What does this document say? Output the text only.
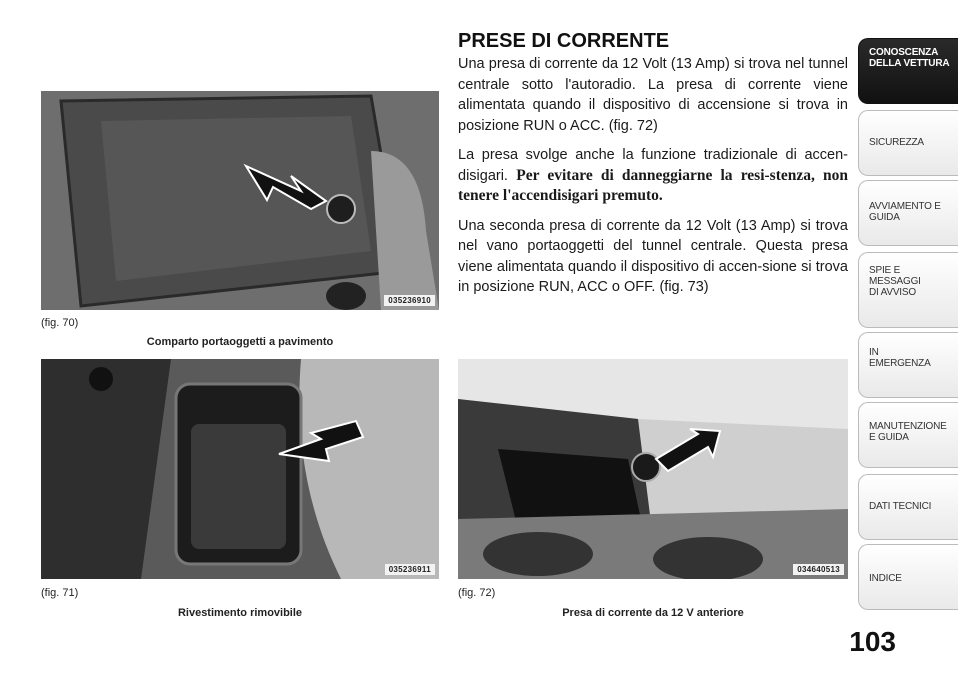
035236910
(fig. 70)
Comparto portaoggetti a pavimento
035236911
(fig. 71)
Rivestimento rimovibile
034640513
(fig. 72)
Presa di corrente da 12 V anteriore
PRESE DI CORRENTE

Una presa di corrente da 12 Volt (13 Amp) si trova nel tunnel centrale sotto l'autoradio. La presa di corrente viene alimentata quando il dispositivo di accensione si trova in posizione RUN o ACC. (fig. 72)

La presa svolge anche la funzione tradizionale di accen-disigari. Per evitare di danneggiarne la resi-stenza, non tenere l'accendisigari premuto.

Una seconda presa di corrente da 12 Volt (13 Amp) si trova nel vano portaoggetti del tunnel centrale. Questa presa viene alimentata quando il dispositivo di accen-sione si trova in posizione RUN, ACC o OFF. (fig. 73)

CONOSCENZA
DELLA VETTURA
SICUREZZA
AVVIAMENTO E
GUIDA
SPIE E
MESSAGGI
DI AVVISO
IN
EMERGENZA
MANUTENZIONE
E GUIDA
DATI TECNICI
INDICE
103
